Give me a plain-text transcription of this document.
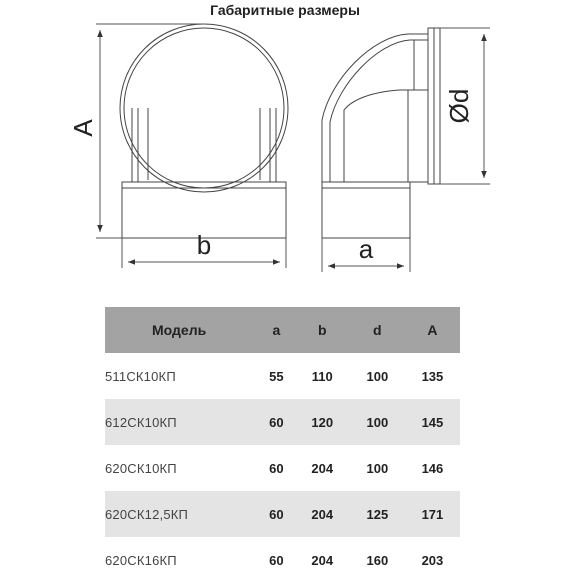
Габаритные размеры
A
b	a
Ød
Модель	a	b	d	A
511СК10КП	55	110	100	135
612СК10КП	60	120	100	145
620СК10КП	60	204	100	146
620СК12,5КП	60	204	125	171
620СК16КП	60	204	160	203
